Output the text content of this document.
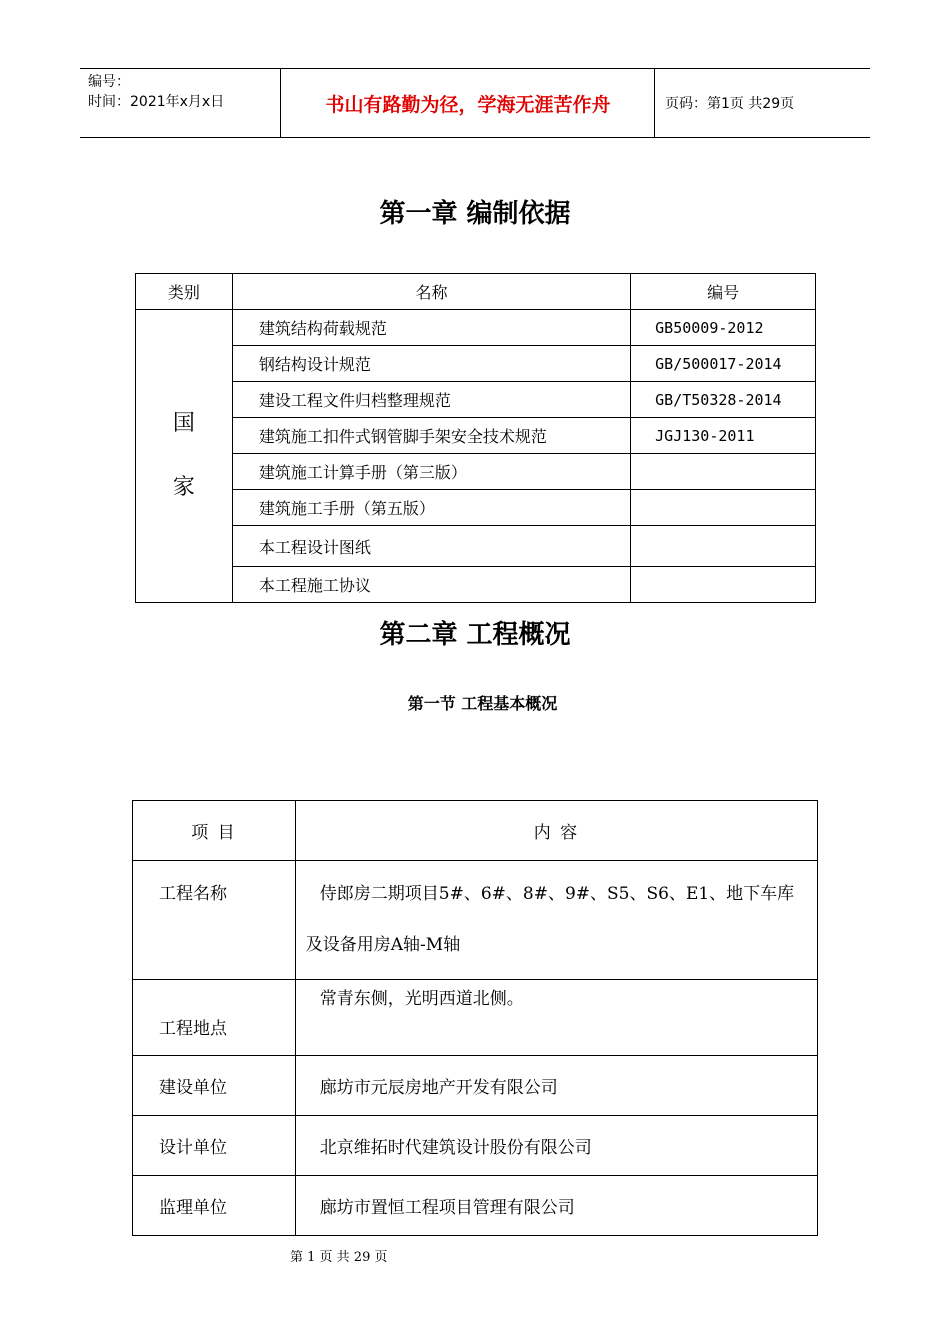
编号：
时间：2021年x月x日	书山有路勤为径，学海无涯苦作舟	页码：第1页 共29页
第一章 编制依据
类别	名称	编号

国
家	建筑结构荷载规范	GB50009-2012
	钢结构设计规范	GB/500017-2014
	建设工程文件归档整理规范	GB/T50328-2014
	建筑施工扣件式钢管脚手架安全技术规范	JGJ130-2011
	建筑施工计算手册（第三版）	
	建筑施工手册（第五版）	
	本工程设计图纸	
	本工程施工协议	
第二章 工程概况
第一节 工程基本概况
项 目	内 容
工程名称	侍郎房二期项目5#、6#、8#、9#、S5、S6、E1、地下车库
及设备用房A轴-M轴

工程地点	常青东侧，光明西道北侧。
建设单位	廊坊市元辰房地产开发有限公司
设计单位	北京维拓时代建筑设计股份有限公司
监理单位	廊坊市置恒工程项目管理有限公司
第 1 页 共 29 页
